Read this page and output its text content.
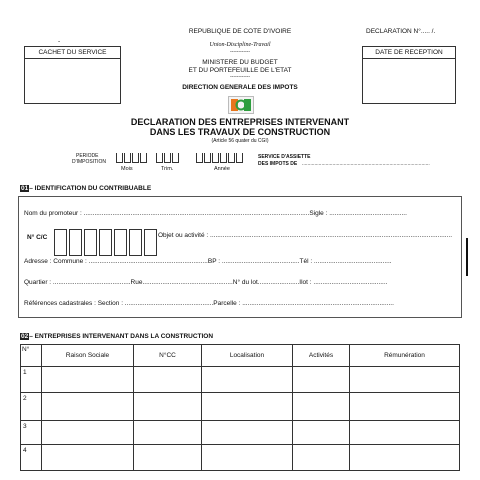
REPUBLIQUE DE COTE D'IVOIRE	DECLARATION N°..... /.
-	Union-Discipline-Travail
------------
MINISTERE DU BUDGET
ET DU PORTEFEUILLE DE L'ETAT
------------
DIRECTION GENERALE DES IMPOTS
CACHET DU SERVICE	DATE DE RECEPTION
DECLARATION DES ENTREPRISES INTERVENANT
DANS LES TRAVAUX DE CONSTRUCTION
(Article 56 quater du CGI)
PERIODE
D'IMPOSITION
Mois	Trim.	Année
SERVICE D'ASSIETTE
DES IMPOTS DE ............................................................................................
01– IDENTIFICATION DU CONTRIBUABLE
Nom du promoteur : .............................................................................................................................Sigle : ...........................................
N° C/C	Objet ou activité : ......................................................................................................................................
Adresse : Commune : ..................................................................BP : ...........................................Tél : ...........................................
Quartier : ...........................................Rue..................................................N° du lot.......................Ilot : .........................................
Références cadastrales : Section : .................................................Parcelle : ....................................................................................
02– ENTREPRISES INTERVENANT DANS LA CONSTRUCTION
N°	Raison Sociale	N°CC	Localisation	Activités	Rémunération
1					
2					
3					
4					
